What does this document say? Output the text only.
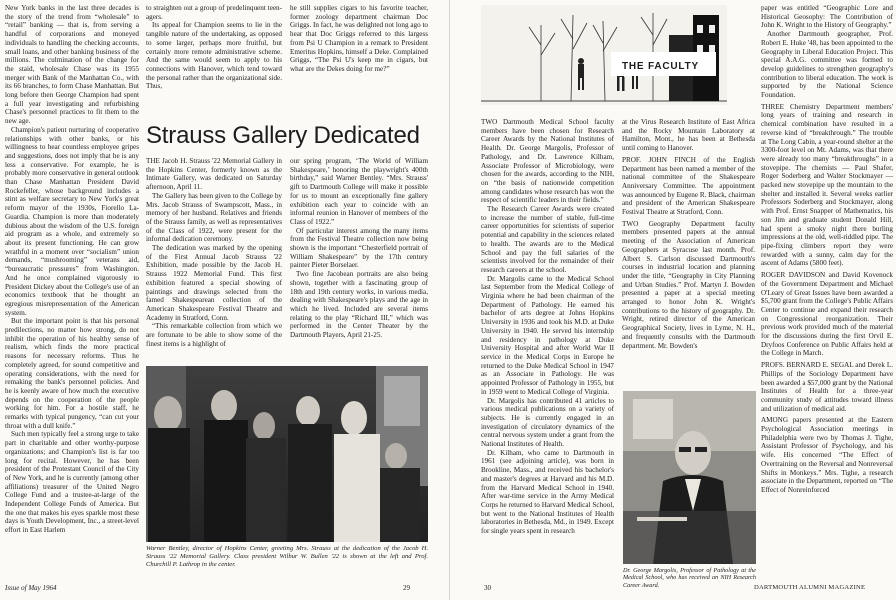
New York banks in the last three decades is the story of the trend from “wholesale” to “retail” banking — that is, from serving a handful of corporations and moneyed individuals to handling the checking accounts, small loans, and other banking business of the millions. The culmination of the change for the staid, wholesale Chase was its 1955 merger with Bank of the Manhattan Co., with its 66 branches, to form Chase Manhattan. But long before then George Champion had spent a full year investigating and refurbishing Chase's personnel practices to fit them to the new age.

Champion's patient nurturing of cooperative relationships with other banks, or his willingness to hear countless employee gripes and suggestions, does not imply that he is any less a conservative. For example, he is probably more conservative in general outlook than Chase Manhattan President David Rockefeller, whose background includes a stint as welfare secretary to New York's great reform mayor of the 1930s, Fiorello La-Guardia. Champion is more than moderately dubious about the wisdom of the U.S. foreign aid program as a whole, and extremely so about its present functioning. He can grow wrathful in a moment over “socialism” union demands, “mushrooming” veterans aid, “bureaucratic pressures” from Washington. And he once complained vigorously to President Dickey about the College's use of an economics textbook that he thought an egregious misrepresentation of the American system.

But the important point is that his personal predilections, no matter how strong, do not inhibit the operation of his healthy sense of realism, which finds the more practical reasons for necessary reforms. Thus he completely agreed, for sound competitive and operating considerations, with the need for remaking the bank's personnel policies. And he is keenly aware of how much the executive depends on the cooperation of the people working for him. For a hostile staff, he remarks with typical pungency, “can cut your throat with a dull knife.”

Such men typically feel a strong urge to take part in charitable and other worthy-purpose organizations; and Champion's list is far too long for recital. However, he has been president of the Protestant Council of the City of New York, and he is currently (among other affiliations) treasurer of the United Negro College Fund and a trustee-at-large of the Independent College Funds of America. But the one that makes his eyes sparkle most these days is Youth Development, Inc., a street-level effort in East Harlem

to straighten out a group of predelinquent teen-agers.

Its appeal for Champion seems to lie in the tangible nature of the undertaking, as opposed to some larger, perhaps more fruitful, but certainly more remote administrative scheme. And the same would seem to apply to his connections with Hanover, which tend toward the personal rather than the organizational side. Thus,

he still supplies cigars to his favorite teacher, former zoology department chairman Doc Griggs. In fact, he was delighted not long ago to hear that Doc Griggs referred to this largess from Psi U Champion in a remark to President Emeritus Hopkins, himself a Deke. Complained Griggs, “The Psi U's keep me in cigars, but what are the Dekes doing for me?”

Strauss Gallery Dedicated

THE Jacob H. Strauss '22 Memorial Gallery in the Hopkins Center, formerly known as the Intimate Gallery, was dedicated on Saturday afternoon, April 11.

The Gallery has been given to the College by Mrs. Jacob Strauss of Swampscott, Mass., in memory of her husband. Relatives and friends of the Strauss family, as well as representatives of the Class of 1922, were present for the informal dedication ceremony.

The dedication was marked by the opening of the First Annual Jacob Strauss '22 Exhibition, made possible by the Jacob H. Strauss 1922 Memorial Fund. This first exhibition featured a special showing of paintings and drawings selected from the famed Shakespearean collection of the American Shakespeare Festival Theatre and Academy in Stratford, Conn.

“This remarkable collection from which we are fortunate to be able to show some of the finest items is a highlight of

our spring program, ‘The World of William Shakespeare,’ honoring the playwright's 400th birthday,” said Warner Bentley. “Mrs. Strauss' gift to Dartmouth College will make it possible for us to mount an exceptionally fine gallery exhibition each year to coincide with an informal reunion in Hanover of members of the Class of 1922.”

Of particular interest among the many items from the Festival Theatre collection now being shown is the important “Chesterfield portrait of William Shakespeare” by the 17th century painter Pieter Borselaer.

Two fine Jacobean portraits are also being shown, together with a fascinating group of 18th and 19th century works, in various media, dealing with Shakespeare's plays and the age in which he lived. Included are several items relating to the play “Richard III,” which was performed in the Center Theater by the Dartmouth Players, April 21-25.

Warner Bentley, director of Hopkins Center, greeting Mrs. Strauss at the dedication of the Jacob H. Strauss '22 Memorial Gallery. Class president Wilbur W. Bullen '22 is shown at the left and Prof. Churchill P. Lathrop in the center.
Issue of May 1964	29
THE FACULTY

TWO Dartmouth Medical School faculty members have been chosen for Research Career Awards by the National Institutes of Health. Dr. George Margolis, Professor of Pathology, and Dr. Lawrence Kilham, Associate Professor of Microbiology, were chosen for the awards, according to the NIH, on “the basis of nationwide competition among candidates whose research has won the respect of scientific leaders in their fields.”

The Research Career Awards were created to increase the number of stable, full-time career opportunities for scientists of superior potential and capability in the sciences related to health. The awards are to the Medical School and pay the full salaries of the scientists involved for the remainder of their research careers at the school.

Dr. Margolis came to the Medical School last September from the Medical College of Virginia where he had been chairman of the Department of Pathology. He earned his bachelor of arts degree at Johns Hopkins University in 1936 and took his M.D. at Duke University in 1940. He served his internship and residency in pathology at Duke University Hospital and after World War II service in the Medical Corps in Europe he returned to the Duke Medical School in 1947 as an Associate in Pathology. He was appointed Professor of Pathology in 1955, but in 1959 went to Medical College of Virginia.

Dr. Margolis has contributed 41 articles to various medical publications on a variety of subjects. He is currently engaged in an investigation of circulatory dynamics of the central nervous system under a grant from the National Institutes of Health.

Dr. Kilham, who came to Dartmouth in 1961 (see adjoining article), was born in Brookline, Mass., and received his bachelor's and master's degrees at Harvard and his M.D. from the Harvard Medical School in 1940. After war-time service in the Army Medical Corps he returned to Harvard Medical School, but went to the National Institutes of Health laboratories in Bethesda, Md., in 1949. Except for single years spent in research

at the Virus Research Institute of East Africa and the Rocky Mountain Laboratory at Hamilton, Mont., he has been at Bethesda until coming to Hanover.

PROF. JOHN FINCH of the English Department has been named a member of the national committee of the Shakespeare Anniversary Committee. The appointment was announced by Eugene R. Black, chairman and president of the American Shakespeare Festival Theatre at Stratford, Conn.

TWO Geography Department faculty members presented papers at the annual meeting of the Association of American Geographers at Syracuse last month. Prof. Albert S. Carlson discussed Dartmouth's courses in industrial location and planning under the title, “Geography in City Planning and Urban Studies.” Prof. Martyn J. Bowden presented a paper at a special meeting arranged to honor John K. Wright's contributions to the history of geography. Dr. Wright, retired director of the American Geographical Society, lives in Lyme, N. H., and frequently consults with the Dartmouth department. Mr. Bowden's

Dr. George Margolis, Professor of Pathology at the Medical School, who has received an NIH Research Career Award.

paper was entitled “Geographic Lore and Historical Geosophy: The Contribution of John K. Wright to the History of Geography.”

Another Dartmouth geographer, Prof. Robert E. Huke '48, has been appointed to the Geography in Liberal Education Project. This special A.A.G. committee was formed to develop guidelines to strengthen geography's contribution to liberal education. The work is supported by the National Science Foundation.

THREE Chemistry Department members' long years of training and research in chemical combination have resulted in a reverse kind of “breakthrough.” The trouble at The Long Cabin, a year-round shelter at the 3300-foot level on Mt. Adams, was that there were already too many “breakthroughs” in a stovepipe. The chemists — Paul Shafer, Roger Soderberg and Walter Stockmayer — packed new stovepipe up the mountain to the shelter and installed it. Several weeks earlier Professors Soderberg and Stockmayer, along with Prof. Ernst Snapper of Mathematics, his son Jim and graduate student Donald Hill, had spent a smoky night there burling impressions at the old, well-riddled pipe. The pipe-fixing climbers report they were rewarded with a sunny, calm day for the ascent of Adams (5800 feet).

ROGER DAVIDSON and David Kovenock of the Government Department and Michael O'Leary of Great Issues have been awarded a $5,700 grant from the College's Public Affairs Center to continue and expand their research on Congressional reorganization. Their previous work provided much of the material for the discussions during the first Orvil E. Dryfoos Conference on Public Affairs held at the College in March.

PROFS. BERNARD E. SEGAL and Derek L. Phillips of the Sociology Department have been awarded a $57,000 grant by the National Institutes of Health for a three-year community study of attitudes toward illness and utilization of medical aid.

AMONG papers presented at the Eastern Psychological Association meetings in Philadelphia were two by Thomas J. Tighe, Assistant Professor of Psychology, and his wife. His concerned “The Effect of Overtraining on the Reversal and Nonreversal Shifts in Monkeys.” Mrs. Tighe, a research associate in the Department, reported on “The Effect of Nonreinforced

30	DARTMOUTH ALUMNI MAGAZINE
